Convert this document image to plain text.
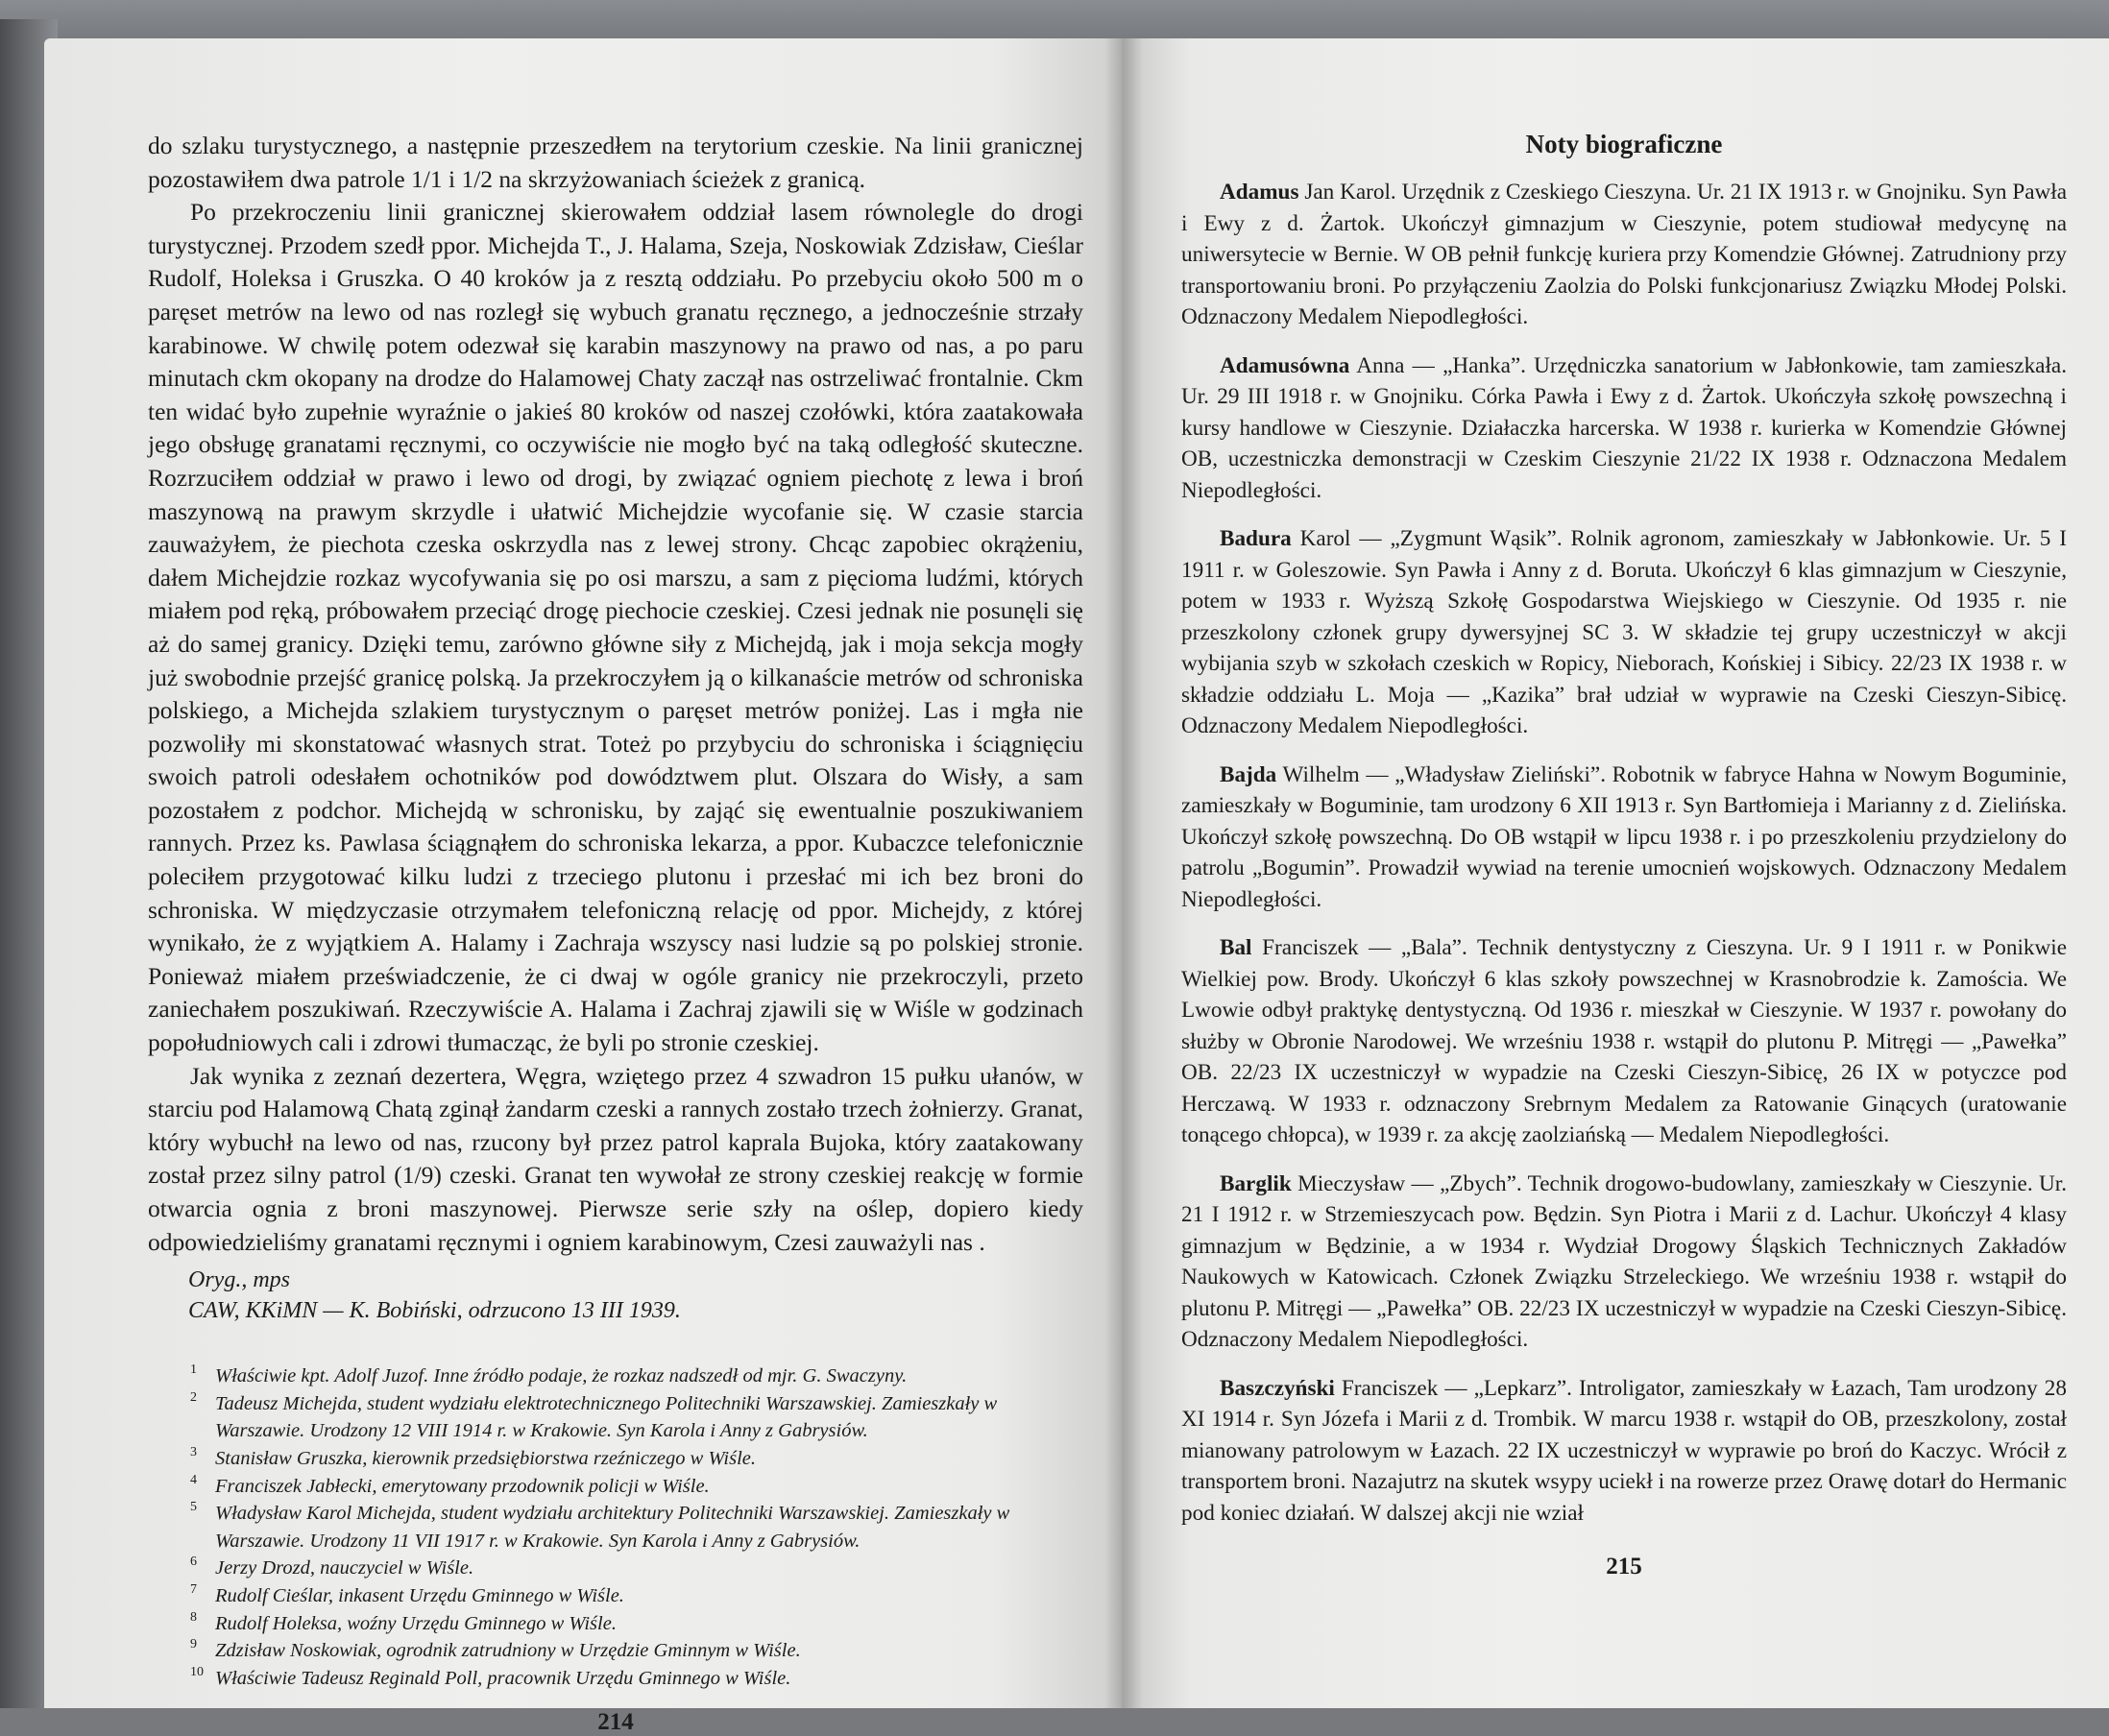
do szlaku turystycznego, a następnie przeszedłem na terytorium czeskie. Na linii granicznej pozostawiłem dwa patrole 1/1 i 1/2 na skrzyżowaniach ścieżek z granicą.

Po przekroczeniu linii granicznej skierowałem oddział lasem równolegle do drogi turystycznej. Przodem szedł ppor. Michejda T., J. Halama, Szeja, Noskowiak Zdzisław, Cieślar Rudolf, Holeksa i Gruszka. O 40 kroków ja z resztą oddziału. Po przebyciu około 500 m o paręset metrów na lewo od nas rozległ się wybuch granatu ręcznego, a jednocześnie strzały karabinowe. W chwilę potem odezwał się karabin maszynowy na prawo od nas, a po paru minutach ckm okopany na drodze do Halamowej Chaty zaczął nas ostrzeliwać frontalnie. Ckm ten widać było zupełnie wyraźnie o jakieś 80 kroków od naszej czołówki, która zaatakowała jego obsługę granatami ręcznymi, co oczywiście nie mogło być na taką odległość skuteczne. Rozrzuciłem oddział w prawo i lewo od drogi, by związać ogniem piechotę z lewa i broń maszynową na prawym skrzydle i ułatwić Michejdzie wycofanie się. W czasie starcia zauważyłem, że piechota czeska oskrzydla nas z lewej strony. Chcąc zapobiec okrążeniu, dałem Michejdzie rozkaz wycofywania się po osi marszu, a sam z pięcioma ludźmi, których miałem pod ręką, próbowałem przeciąć drogę piechocie czeskiej. Czesi jednak nie posunęli się aż do samej granicy. Dzięki temu, zarówno główne siły z Michejdą, jak i moja sekcja mogły już swobodnie przejść granicę polską. Ja przekroczyłem ją o kilkanaście metrów od schroniska polskiego, a Michejda szlakiem turystycznym o paręset metrów poniżej. Las i mgła nie pozwoliły mi skonstatować własnych strat. Toteż po przybyciu do schroniska i ściągnięciu swoich patroli odesłałem ochotników pod dowództwem plut. Olszara do Wisły, a sam pozostałem z podchor. Michejdą w schronisku, by zająć się ewentualnie poszukiwaniem rannych. Przez ks. Pawlasa ściągnąłem do schroniska lekarza, a ppor. Kubaczce telefonicznie poleciłem przygotować kilku ludzi z trzeciego plutonu i przesłać mi ich bez broni do schroniska. W międzyczasie otrzymałem telefoniczną relację od ppor. Michejdy, z której wynikało, że z wyjątkiem A. Halamy i Zachraja wszyscy nasi ludzie są po polskiej stronie. Ponieważ miałem przeświadczenie, że ci dwaj w ogóle granicy nie przekroczyli, przeto zaniechałem poszukiwań. Rzeczywiście A. Halama i Zachraj zjawili się w Wiśle w godzinach popołudniowych cali i zdrowi tłumacząc, że byli po stronie czeskiej.

Jak wynika z zeznań dezertera, Węgra, wziętego przez 4 szwadron 15 pułku ułanów, w starciu pod Halamową Chatą zginął żandarm czeski a rannych zostało trzech żołnierzy. Granat, który wybuchł na lewo od nas, rzucony był przez patrol kaprala Bujoka, który zaatakowany został przez silny patrol (1/9) czeski. Granat ten wywołał ze strony czeskiej reakcję w formie otwarcia ognia z broni maszynowej. Pierwsze serie szły na oślep, dopiero kiedy odpowiedzieliśmy granatami ręcznymi i ogniem karabinowym, Czesi zauważyli nas .

Oryg., mps
CAW, KKiMN — K. Bobiński, odrzucono 13 III 1939.
1 Właściwie kpt. Adolf Juzof. Inne źródło podaje, że rozkaz nadszedł od mjr. G. Swaczyny.
2 Tadeusz Michejda, student wydziału elektrotechnicznego Politechniki Warszawskiej. Zamieszkały w Warszawie. Urodzony 12 VIII 1914 r. w Krakowie. Syn Karola i Anny z Gabrysiów.
3 Stanisław Gruszka, kierownik przedsiębiorstwa rzeźniczego w Wiśle.
4 Franciszek Jabłecki, emerytowany przodownik policji w Wiśle.
5 Władysław Karol Michejda, student wydziału architektury Politechniki Warszawskiej. Zamieszkały w Warszawie. Urodzony 11 VII 1917 r. w Krakowie. Syn Karola i Anny z Gabrysiów.
6 Jerzy Drozd, nauczyciel w Wiśle.
7 Rudolf Cieślar, inkasent Urzędu Gminnego w Wiśle.
8 Rudolf Holeksa, woźny Urzędu Gminnego w Wiśle.
9 Zdzisław Noskowiak, ogrodnik zatrudniony w Urzędzie Gminnym w Wiśle.
10 Właściwie Tadeusz Reginald Poll, pracownik Urzędu Gminnego w Wiśle.
214
Noty biograficzne

Adamus Jan Karol. Urzędnik z Czeskiego Cieszyna. Ur. 21 IX 1913 r. w Gnojniku. Syn Pawła i Ewy z d. Żartok. Ukończył gimnazjum w Cieszynie, potem studiował medycynę na uniwersytecie w Bernie. W OB pełnił funkcję kuriera przy Komendzie Głównej. Zatrudniony przy transportowaniu broni. Po przyłączeniu Zaolzia do Polski funkcjonariusz Związku Młodej Polski. Odznaczony Medalem Niepodległości.

Adamusówna Anna — „Hanka”. Urzędniczka sanatorium w Jabłonkowie, tam zamieszkała. Ur. 29 III 1918 r. w Gnojniku. Córka Pawła i Ewy z d. Żartok. Ukończyła szkołę powszechną i kursy handlowe w Cieszynie. Działaczka harcerska. W 1938 r. kurierka w Komendzie Głównej OB, uczestniczka demonstracji w Czeskim Cieszynie 21/22 IX 1938 r. Odznaczona Medalem Niepodległości.

Badura Karol — „Zygmunt Wąsik”. Rolnik agronom, zamieszkały w Jabłonkowie. Ur. 5 I 1911 r. w Goleszowie. Syn Pawła i Anny z d. Boruta. Ukończył 6 klas gimnazjum w Cieszynie, potem w 1933 r. Wyższą Szkołę Gospodarstwa Wiejskiego w Cieszynie. Od 1935 r. nie przeszkolony członek grupy dywersyjnej SC 3. W składzie tej grupy uczestniczył w akcji wybijania szyb w szkołach czeskich w Ropicy, Nieborach, Końskiej i Sibicy. 22/23 IX 1938 r. w składzie oddziału L. Moja — „Kazika” brał udział w wyprawie na Czeski Cieszyn-Sibicę. Odznaczony Medalem Niepodległości.

Bajda Wilhelm — „Władysław Zieliński”. Robotnik w fabryce Hahna w Nowym Boguminie, zamieszkały w Boguminie, tam urodzony 6 XII 1913 r. Syn Bartłomieja i Marianny z d. Zielińska. Ukończył szkołę powszechną. Do OB wstąpił w lipcu 1938 r. i po przeszkoleniu przydzielony do patrolu „Bogumin”. Prowadził wywiad na terenie umocnień wojskowych. Odznaczony Medalem Niepodległości.

Bal Franciszek — „Bala”. Technik dentystyczny z Cieszyna. Ur. 9 I 1911 r. w Ponikwie Wielkiej pow. Brody. Ukończył 6 klas szkoły powszechnej w Krasnobrodzie k. Zamościa. We Lwowie odbył praktykę dentystyczną. Od 1936 r. mieszkał w Cieszynie. W 1937 r. powołany do służby w Obronie Narodowej. We wrześniu 1938 r. wstąpił do plutonu P. Mitręgi — „Pawełka” OB. 22/23 IX uczestniczył w wypadzie na Czeski Cieszyn-Sibicę, 26 IX w potyczce pod Herczawą. W 1933 r. odznaczony Srebrnym Medalem za Ratowanie Ginących (uratowanie tonącego chłopca), w 1939 r. za akcję zaolziańską — Medalem Niepodległości.

Barglik Mieczysław — „Zbych”. Technik drogowo-budowlany, zamieszkały w Cieszynie. Ur. 21 I 1912 r. w Strzemieszycach pow. Będzin. Syn Piotra i Marii z d. Lachur. Ukończył 4 klasy gimnazjum w Będzinie, a w 1934 r. Wydział Drogowy Śląskich Technicznych Zakładów Naukowych w Katowicach. Członek Związku Strzeleckiego. We wrześniu 1938 r. wstąpił do plutonu P. Mitręgi — „Pawełka” OB. 22/23 IX uczestniczył w wypadzie na Czeski Cieszyn-Sibicę. Odznaczony Medalem Niepodległości.

Baszczyński Franciszek — „Lepkarz”. Introligator, zamieszkały w Łazach, Tam urodzony 28 XI 1914 r. Syn Józefa i Marii z d. Trombik. W marcu 1938 r. wstąpił do OB, przeszkolony, został mianowany patrolowym w Łazach. 22 IX uczestniczył w wyprawie po broń do Kaczyc. Wrócił z transportem broni. Nazajutrz na skutek wsypy uciekł i na rowerze przez Orawę dotarł do Hermanic pod koniec działań. W dalszej akcji nie wział

215
